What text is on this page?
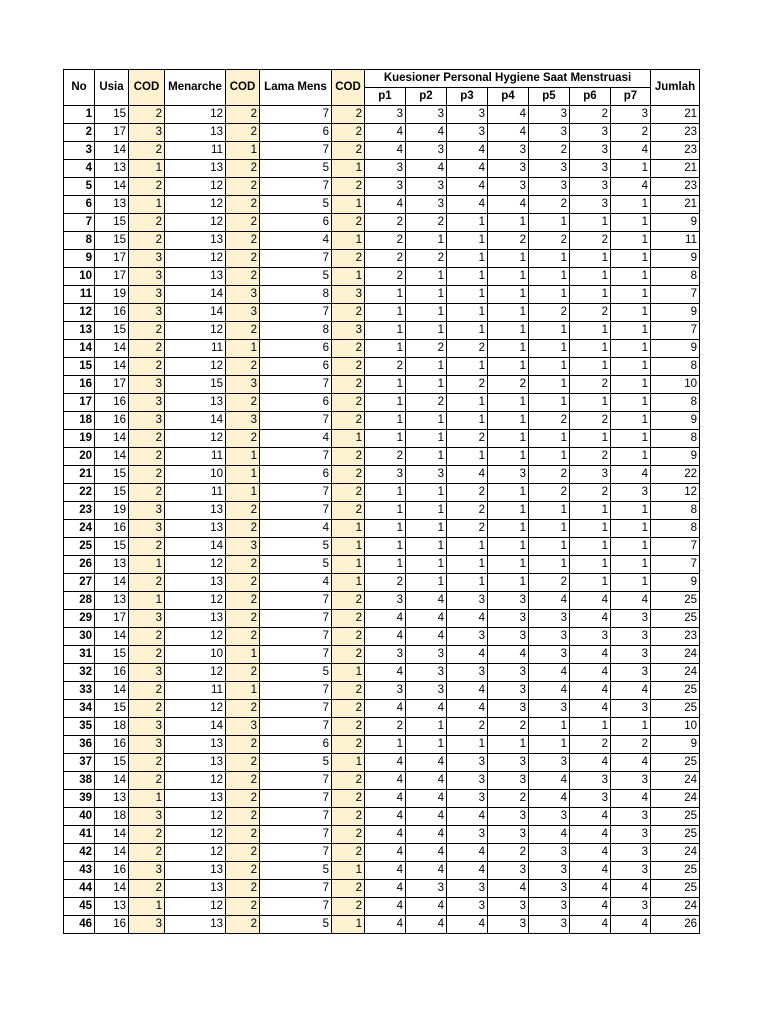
No	Usia	COD	Menarche	COD	Lama Mens	COD	Kuesioner Personal Hygiene Saat Menstruasi							Jumlah
							p1	p2	p3	p4	p5	p6	p7	
1	15	2	12	2	7	2	3	3	3	4	3	2	3	21
2	17	3	13	2	6	2	4	4	3	4	3	3	2	23
3	14	2	11	1	7	2	4	3	4	3	2	3	4	23
4	13	1	13	2	5	1	3	4	4	3	3	3	1	21
5	14	2	12	2	7	2	3	3	4	3	3	3	4	23
6	13	1	12	2	5	1	4	3	4	4	2	3	1	21
7	15	2	12	2	6	2	2	2	1	1	1	1	1	9
8	15	2	13	2	4	1	2	1	1	2	2	2	1	11
9	17	3	12	2	7	2	2	2	1	1	1	1	1	9
10	17	3	13	2	5	1	2	1	1	1	1	1	1	8
11	19	3	14	3	8	3	1	1	1	1	1	1	1	7
12	16	3	14	3	7	2	1	1	1	1	2	2	1	9
13	15	2	12	2	8	3	1	1	1	1	1	1	1	7
14	14	2	11	1	6	2	1	2	2	1	1	1	1	9
15	14	2	12	2	6	2	2	1	1	1	1	1	1	8
16	17	3	15	3	7	2	1	1	2	2	1	2	1	10
17	16	3	13	2	6	2	1	2	1	1	1	1	1	8
18	16	3	14	3	7	2	1	1	1	1	2	2	1	9
19	14	2	12	2	4	1	1	1	2	1	1	1	1	8
20	14	2	11	1	7	2	2	1	1	1	1	2	1	9
21	15	2	10	1	6	2	3	3	4	3	2	3	4	22
22	15	2	11	1	7	2	1	1	2	1	2	2	3	12
23	19	3	13	2	7	2	1	1	2	1	1	1	1	8
24	16	3	13	2	4	1	1	1	2	1	1	1	1	8
25	15	2	14	3	5	1	1	1	1	1	1	1	1	7
26	13	1	12	2	5	1	1	1	1	1	1	1	1	7
27	14	2	13	2	4	1	2	1	1	1	2	1	1	9
28	13	1	12	2	7	2	3	4	3	3	4	4	4	25
29	17	3	13	2	7	2	4	4	4	3	3	4	3	25
30	14	2	12	2	7	2	4	4	3	3	3	3	3	23
31	15	2	10	1	7	2	3	3	4	4	3	4	3	24
32	16	3	12	2	5	1	4	3	3	3	4	4	3	24
33	14	2	11	1	7	2	3	3	4	3	4	4	4	25
34	15	2	12	2	7	2	4	4	4	3	3	4	3	25
35	18	3	14	3	7	2	2	1	2	2	1	1	1	10
36	16	3	13	2	6	2	1	1	1	1	1	2	2	9
37	15	2	13	2	5	1	4	4	3	3	3	4	4	25
38	14	2	12	2	7	2	4	4	3	3	4	3	3	24
39	13	1	13	2	7	2	4	4	3	2	4	3	4	24
40	18	3	12	2	7	2	4	4	4	3	3	4	3	25
41	14	2	12	2	7	2	4	4	3	3	4	4	3	25
42	14	2	12	2	7	2	4	4	4	2	3	4	3	24
43	16	3	13	2	5	1	4	4	4	3	3	4	3	25
44	14	2	13	2	7	2	4	3	3	4	3	4	4	25
45	13	1	12	2	7	2	4	4	3	3	3	4	3	24
46	16	3	13	2	5	1	4	4	4	3	3	4	4	26
